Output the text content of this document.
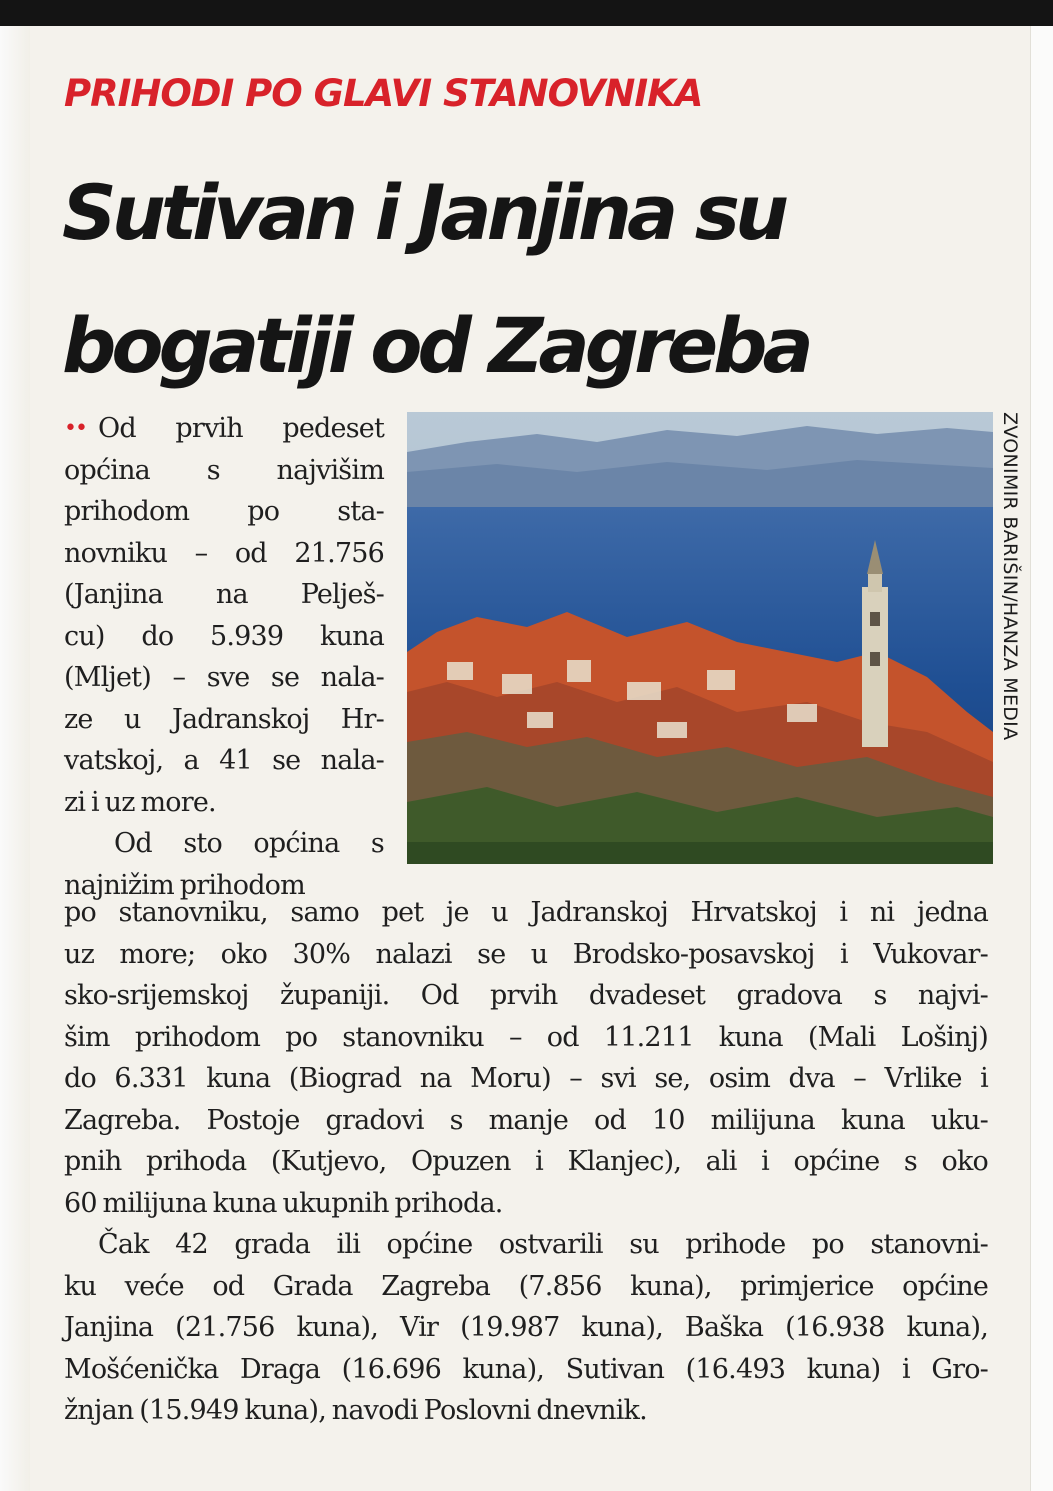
PRIHODI PO GLAVI STANOVNIKA
Sutivan i Janjina su
bogatiji od Zagreba
ZVONIMIR BARIŠIN/HANZA MEDIA
•• Od prvih pedeset
općina s najvišim
prihodom po sta-
novniku – od 21.756
(Janjina na Pelješ-
cu) do 5.939 kuna
(Mljet) – sve se nala-
ze u Jadranskoj Hr-
vatskoj, a 41 se nala-
zi i uz more.
Od sto općina s
najnižim prihodom
po stanovniku, samo pet je u Jadranskoj Hrvatskoj i ni jedna
uz more; oko 30% nalazi se u Brodsko-posavskoj i Vukovar-
sko-srijemskoj županiji. Od prvih dvadeset gradova s najvi-
šim prihodom po stanovniku – od 11.211 kuna (Mali Lošinj)
do 6.331 kuna (Biograd na Moru) – svi se, osim dva – Vrlike i
Zagreba. Postoje gradovi s manje od 10 milijuna kuna uku-
pnih prihoda (Kutjevo, Opuzen i Klanjec), ali i općine s oko
60 milijuna kuna ukupnih prihoda.
Čak 42 grada ili općine ostvarili su prihode po stanovni-
ku veće od Grada Zagreba (7.856 kuna), primjerice općine
Janjina (21.756 kuna), Vir (19.987 kuna), Baška (16.938 kuna),
Mošćenička Draga (16.696 kuna), Sutivan (16.493 kuna) i Gro-
žnjan (15.949 kuna), navodi Poslovni dnevnik.
